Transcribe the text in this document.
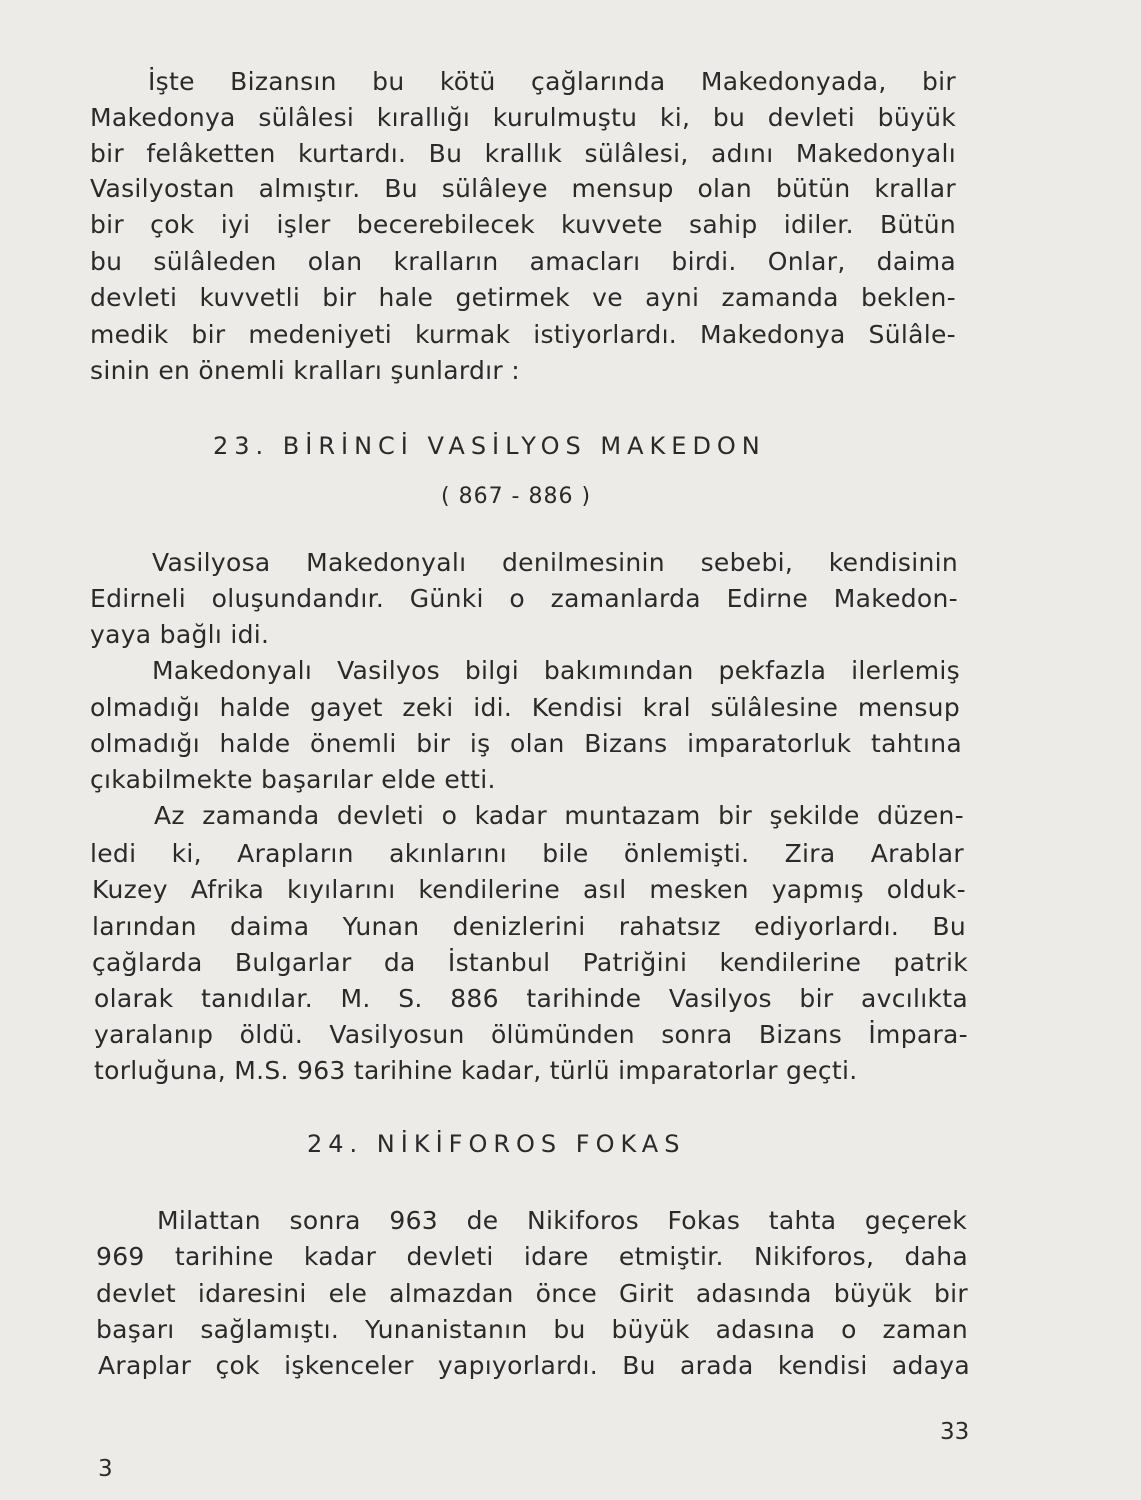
İşte Bizansın bu kötü çağlarında Makedonyada, bir
Makedonya sülâlesi kırallığı kurulmuştu ki, bu devleti büyük
bir felâketten kurtardı. Bu krallık sülâlesi, adını Makedonyalı
Vasilyostan almıştır. Bu sülâleye mensup olan bütün krallar
bir çok iyi işler becerebilecek kuvvete sahip idiler. Bütün
bu sülâleden olan kralların amacları birdi. Onlar, daima
devleti kuvvetli bir hale getirmek ve ayni zamanda beklen-
medik bir medeniyeti kurmak istiyorlardı. Makedonya Sülâle-
sinin en önemli kralları şunlardır :
23. BİRİNCİ VASİLYOS MAKEDON
( 867 - 886 )
Vasilyosa Makedonyalı denilmesinin sebebi, kendisinin
Edirneli oluşundandır. Günki o zamanlarda Edirne Makedon-
yaya bağlı idi.
Makedonyalı Vasilyos bilgi bakımından pekfazla ilerlemiş
olmadığı halde gayet zeki idi. Kendisi kral sülâlesine mensup
olmadığı halde önemli bir iş olan Bizans imparatorluk tahtına
çıkabilmekte başarılar elde etti.
Az zamanda devleti o kadar muntazam bir şekilde düzen-
ledi ki, Arapların akınlarını bile önlemişti. Zira Arablar
Kuzey Afrika kıyılarını kendilerine asıl mesken yapmış olduk-
larından daima Yunan denizlerini rahatsız ediyorlardı. Bu
çağlarda Bulgarlar da İstanbul Patriğini kendilerine patrik
olarak tanıdılar. M. S. 886 tarihinde Vasilyos bir avcılıkta
yaralanıp öldü. Vasilyosun ölümünden sonra Bizans İmpara-
torluğuna, M.S. 963 tarihine kadar, türlü imparatorlar geçti.
24. NİKİFOROS FOKAS
Milattan sonra 963 de Nikiforos Fokas tahta geçerek
969 tarihine kadar devleti idare etmiştir. Nikiforos, daha
devlet idaresini ele almazdan önce Girit adasında büyük bir
başarı sağlamıştı. Yunanistanın bu büyük adasına o zaman
Araplar çok işkenceler yapıyorlardı. Bu arada kendisi adaya
33
3
